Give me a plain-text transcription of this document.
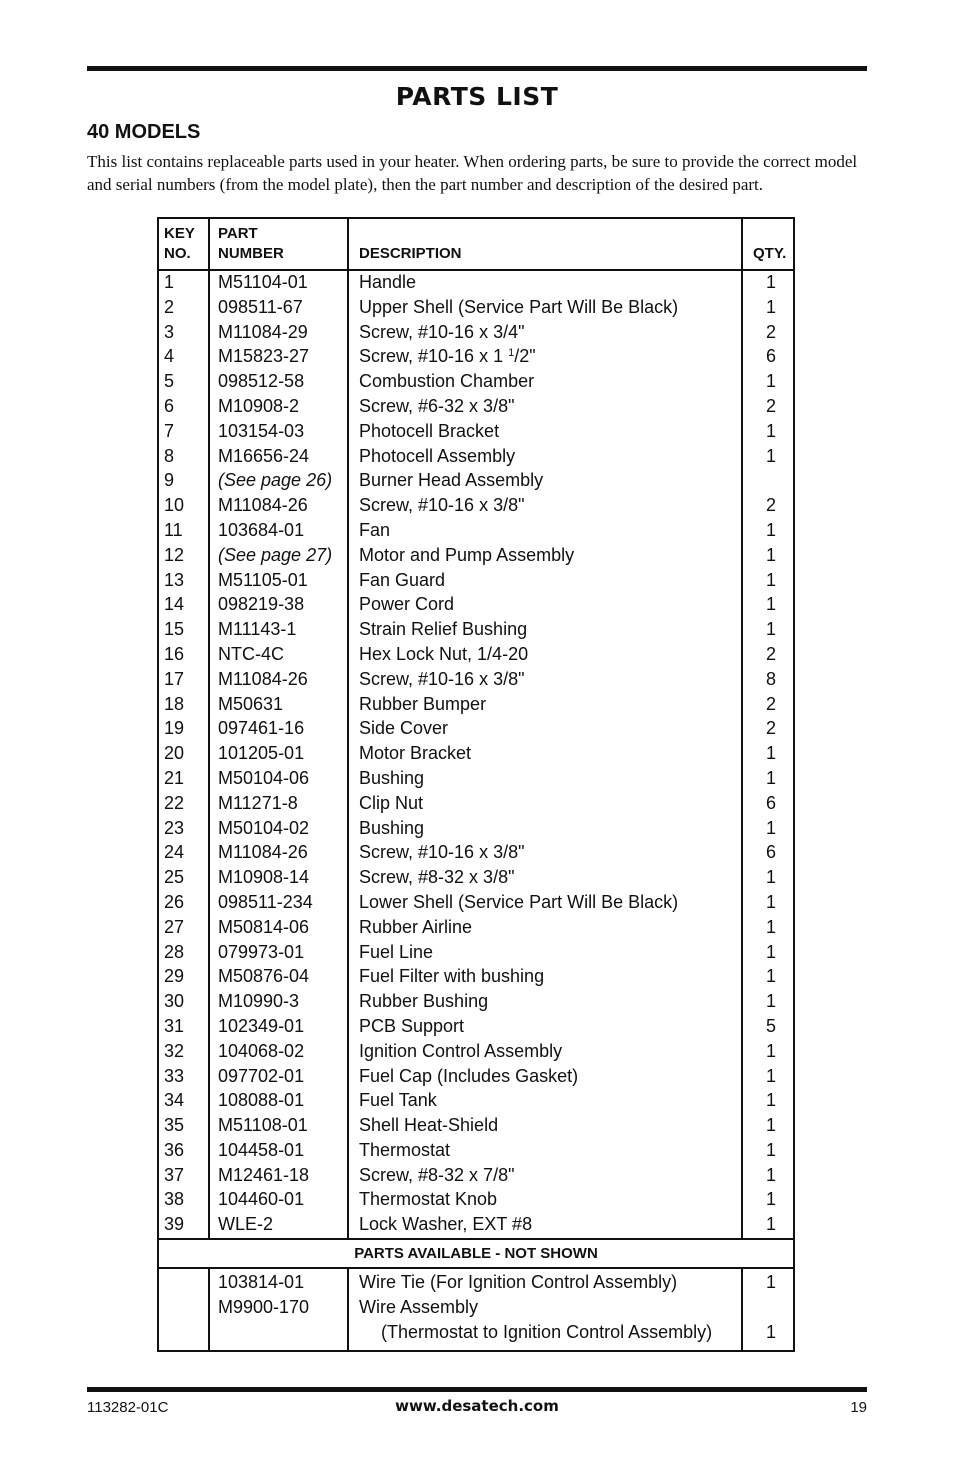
PARTS LIST
40 MODELS
This list contains replaceable parts used in your heater. When ordering parts, be sure to provide the correct model and serial numbers (from the model plate), then the part number and description of the desired part.
KEY
NO.
PART
NUMBER	DESCRIPTION	QTY.
1 M51104-01	Handle	1
2 098511-67	Upper Shell (Service Part Will Be Black)	1
3 M11084-29	Screw, #10-16 x 3/4"	2
4 M15823-27	Screw, #10-16 x 1 $^1$/2"	6
5 098512-58	Combustion Chamber	1
6 M10908-2	Screw, #6-32 x 3/8"	2
7 103154-03	Photocell Bracket	1
8 M16656-24	Photocell Assembly	1
9 (See page 26) Burner Head Assembly
10 M11084-26	Screw, #10-16 x 3/8"	2
11 103684-01	Fan	1
12 (See page 27) Motor and Pump Assembly	1
13 M51105-01	Fan Guard	1
14 098219-38	Power Cord	1
15 M11143-1	Strain Relief Bushing	1
16 NTC-4C	Hex Lock Nut, 1/4-20	2
17 M11084-26	Screw, #10-16 x 3/8"	8
18 M50631	Rubber Bumper	2
19 097461-16	Side Cover	2
20 101205-01	Motor Bracket	1
21 M50104-06	Bushing	1
22 M11271-8	Clip Nut	6
23 M50104-02	Bushing	1
24 M11084-26	Screw, #10-16 x 3/8"	6
25 M10908-14	Screw, #8-32 x 3/8"	1
26 098511-234	Lower Shell (Service Part Will Be Black)	1
27 M50814-06	Rubber Airline	1
28 079973-01	Fuel Line	1
29 M50876-04	Fuel Filter with bushing	1
30 M10990-3	Rubber Bushing	1
31 102349-01	PCB Support	5
32 104068-02	Ignition Control Assembly	1
33 097702-01	Fuel Cap (Includes Gasket)	1
34 108088-01	Fuel Tank	1
35 M51108-01	Shell Heat-Shield	1
36 104458-01	Thermostat	1
37 M12461-18	Screw, #8-32 x 7/8"	1
38 104460-01	Thermostat Knob	1
39 WLE-2	Lock Washer, EXT #8	1
PARTS AVAILABLE - NOT SHOWN
103814-01	Wire Tie (For Ignition Control Assembly)	1
M9900-170	Wire Assembly
(Thermostat to Ignition Control Assembly)	1
113282-01C	www.desatech.com	19
